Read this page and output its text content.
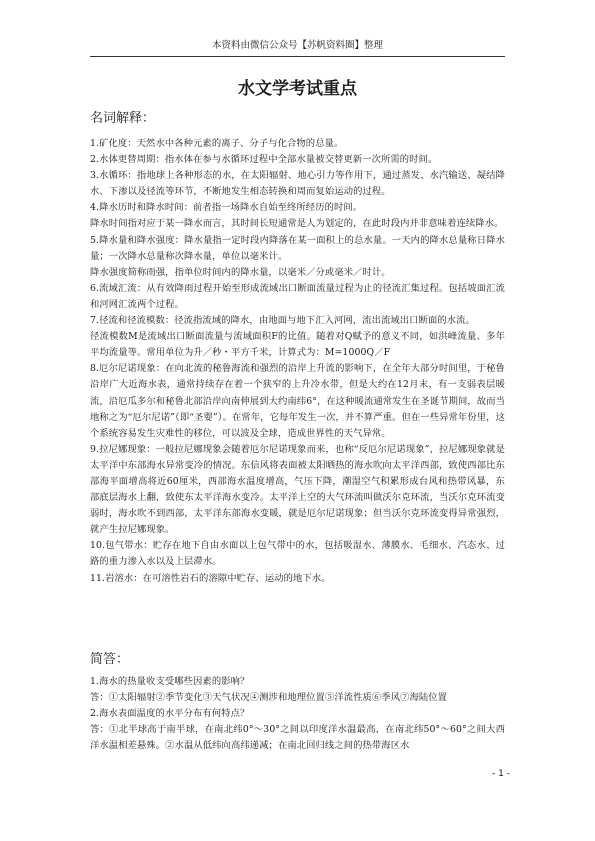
本资料由微信公众号【苏帆资料圈】整理
水文学考试重点
名词解释：

1.矿化度：天然水中各种元素的离子、分子与化合物的总量。

2.水体更替周期：指水体在参与水循环过程中全部水量被交替更新一次所需的时间。

3.水循环：指地球上各种形态的水，在太阳辐射、地心引力等作用下，通过蒸发、水汽输送、凝结降水、下渗以及径流等环节，不断地发生相态转换和周而复始运动的过程。

4.降水历时和降水时间：前者指一场降水自始至终所经历的时间。

降水时间指对应于某一降水而言，其时间长短通常是人为划定的，在此时段内并非意味着连续降水。

5.降水量和降水强度：降水量指一定时段内降落在某一面积上的总水量。一天内的降水总量称日降水量；一次降水总量称次降水量，单位以毫米计。

降水强度简称雨强，指单位时间内的降水量，以毫米／分或毫米／时计。

6.流域汇流：从有效降雨过程开始至形成流域出口断面流量过程为止的径流汇集过程。包括坡面汇流和河网汇流两个过程。

7.径流和径流模数：径流指流域的降水，由地面与地下汇入河网，流出流域出口断面的水流。

径流模数M是流域出口断面流量与流域面积F的比值。随着对Q赋予的意义不同，如洪峰流量、多年平均流量等。常用单位为升／秒・平方千米，计算式为：M=1000Q／F

8.厄尔尼诺现象：在向北流的秘鲁海流和强烈的沿岸上升流的影响下，在全年大部分时间里，于秘鲁沿岸广大近海水表，通常持续存在着一个狭窄的上升冷水带，但是大约在12月末，有一支弱表层暖流，沿厄瓜多尔和秘鲁北部沿岸向南伸展到大约南纬6°，在这种暖流通常发生在圣诞节期间，故而当地称之为“厄尔尼诺”（即“圣婴”）。在常年，它每年发生一次，并不算严重。但在一些异常年份里，这个系统容易发生灾难性的移位，可以波及全球，造成世界性的天气异常。

9.拉尼娜现象：一般拉尼娜现象会随着厄尔尼诺现象而来，也称“反厄尔尼诺现象”，拉尼娜现象就是太平洋中东部海水异常变冷的情况。东信风将表面被太阳晒热的海水吹向太平洋西部，致使西部比东部海平面增高将近60厘米，西部海水温度增高，气压下降，潮湿空气积累形成台风和热带风暴，东部底层海水上翻，致使东太平洋海水变冷。太平洋上空的大气环流叫做沃尔克环流，当沃尔克环流变弱时，海水吹不到西部，太平洋东部海水变暖，就是厄尔尼诺现象；但当沃尔克环流变得异常强烈，就产生拉尼娜现象。

10.包气带水：贮存在地下自由水面以上包气带中的水，包括吸湿水、薄膜水、毛细水、汽态水、过路的重力渗入水以及上层滞水。

11.岩溶水：在可溶性岩石的溶隙中贮存、运动的地下水。

简答：

1.海水的热量收支受哪些因素的影响？

答：①太阳辐射②季节变化③天气状况④测涉和地理位置⑤洋流性质⑥季风⑦海陆位置

2.海水表面温度的水平分布有何特点？

答：①北半球高于南半球，在南北纬0°～30°之间以印度洋水温最高，在南北纬50°～60°之间大西洋水温相差悬殊。②水温从低纬向高纬递减；在南北回归线之间的热带海区水

- 1 -
